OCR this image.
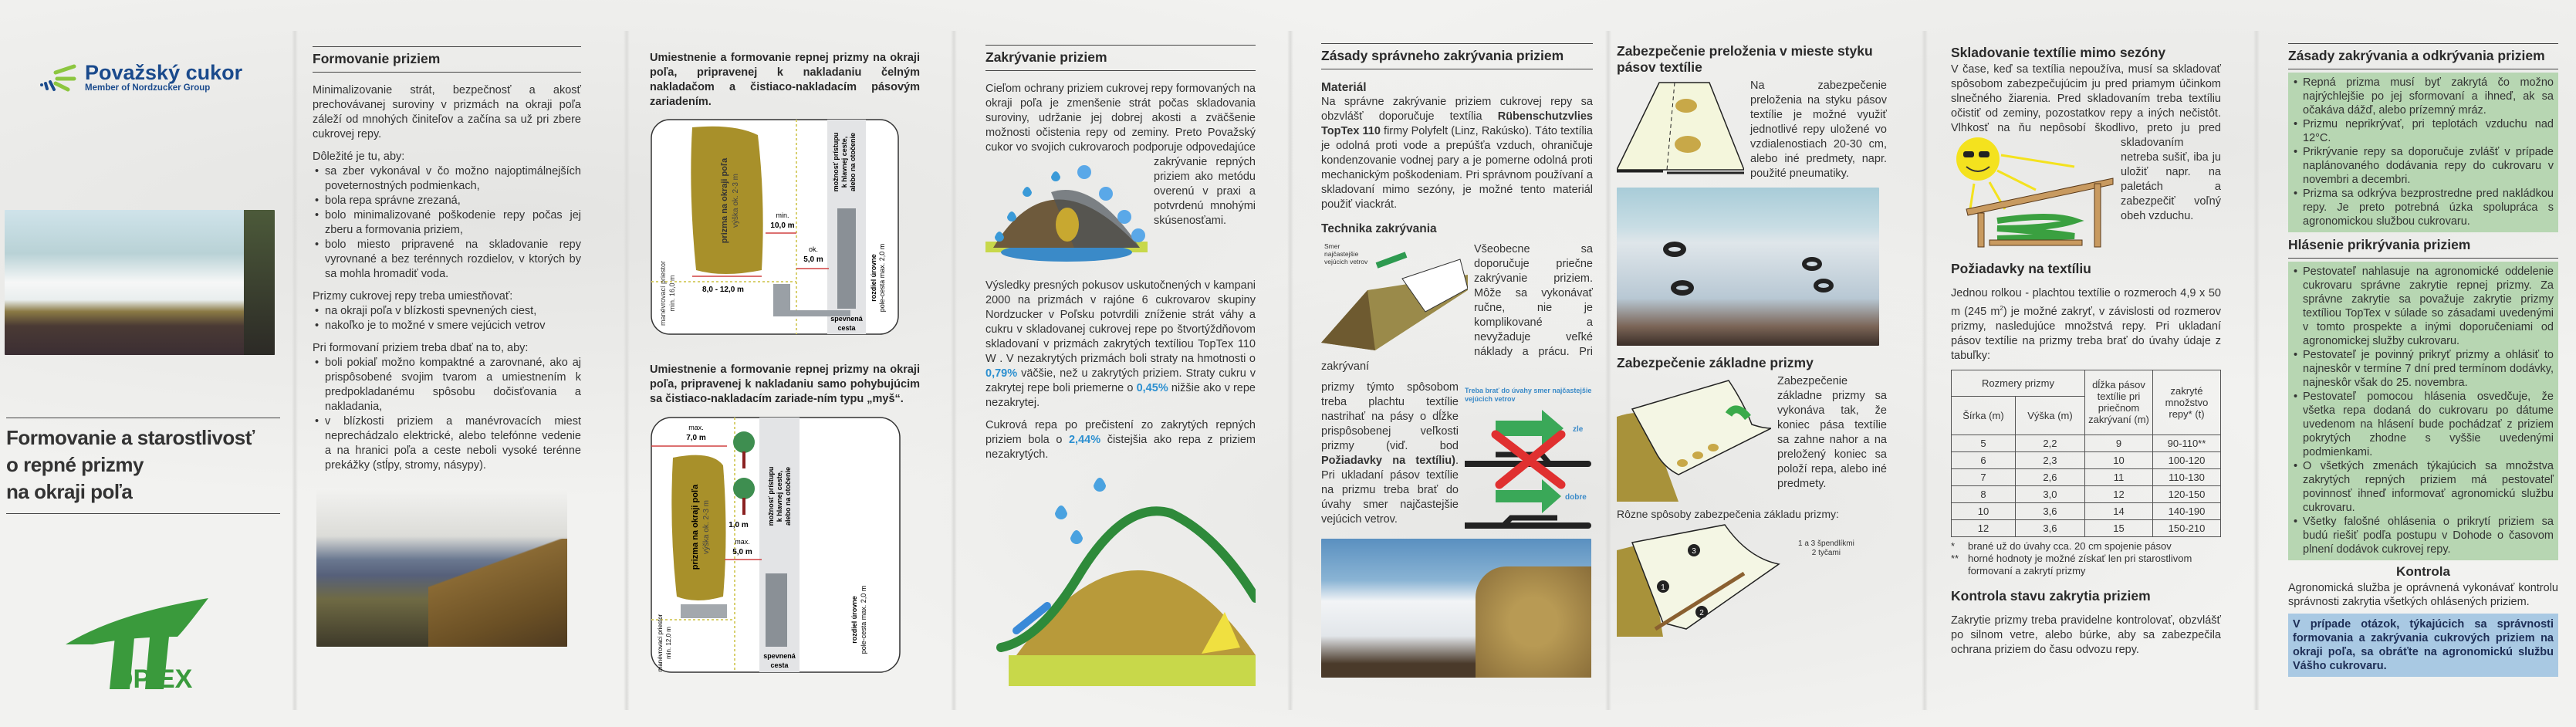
Považský cukor
Member of Nordzucker Group
Formovanie a starostlivosť
o repné prizmy
na okraji poľa
OP EX
Formovanie priziem

Minimalizovanie strát, bezpečnosť a akosť prechovávanej suroviny v prizmách na okraji poľa záleží od mnohých činiteľov a začína sa už pri zbere cukrovej repy.

Dôležité je tu, aby:
• sa zber vykonával v čo možno najoptimálnejších poveternostných podmienkach,
• bola repa správne zrezaná,
• bolo minimalizované poškodenie repy počas jej zberu a formovania priziem,
• bolo miesto pripravené na skladovanie repy vyrovnané a bez terénnych rozdielov, v ktorých by sa mohla hromadiť voda.
Prizmy cukrovej repy treba umiestňovať:
• na okraji poľa v blízkosti spevnených ciest,
• nakoľko je to možné v smere vejúcich vetrov
Pri formovaní priziem treba dbať na to, aby:
• boli pokiaľ možno kompaktné a zarovnané, ako aj prispôsobené svojim tvarom a umiestnením k predpokladanému spôsobu dočisťovania a nakladania,
• v blízkosti priziem a manévrovacích miest neprechádzalo elektrické, alebo telefónne vedenie a na hranici poľa a ceste neboli vysoké terénne prekážky (stĺpy, stromy, násypy).
Umiestnenie a formovanie repnej prizmy na okraji poľa, pripravenej k nakladaniu čelným nakladačom a čistiaco-nakladacím pásovým zariadením.
prizma na okraji poľa výška ok. 2-3 m	min.
10,0 m
ok.
5,0 m
8,0 - 12,0 m
manévrovací priestor min. 16,0 m
možnosť prístupu k hlavnej ceste, alebo na otočenie
rozdiel úrovne pole-cesta max. 2,0 m
spevnená
cesta
Umiestnenie a formovanie repnej prizmy na okraji poľa, pripravenej k nakladaniu samo pohybujúcim sa čistiaco-nakladacím zariade-ním typu „myš“.
prizma na okraji poľa výška ok. 2-3 m
max.
7,0 m
1,0 m
max.
5,0 m
manévrovací priestor min. 12,0 m
možnosť prístupu k hlavnej ceste, alebo na otočenie
rozdiel úrovne pole-cesta max. 2,0 m
spevnená
cesta
Zakrývanie priziem
Cieľom ochrany priziem cukrovej repy formovaných na okraji poľa je zmenšenie strát počas skladovania suroviny, udržanie jej dobrej akosti a zväčšenie možnosti očistenia repy od zeminy. Preto Považský cukor vo svojich cukrovaroch podporuje odpovedajúce zakrývanie repných priziem ako metódu overenú v praxi a potvrdenú mnohými skúsenosťami.

Výsledky presných pokusov uskutočnených v kampani 2000 na prizmách v rajóne 6 cukrovarov skupiny Nordzucker v Poľsku potvrdili zníženie strát váhy a cukru v skladovanej cukrovej repe po štvortýždňovom skladovaní v prizmách zakrytých textíliou TopTex 110 W . V nezakrytých prizmách boli straty na hmotnosti o 0,79% väčšie, než u zakrytých priziem. Straty cukru v zakrytej repe boli priemerne o 0,45% nižšie ako v repe nezakrytej.

Cukrová repa po prečistení zo zakrytých repných priziem bola o 2,44% čistejšia ako repa z priziem nezakrytých.

Zásady správneho zakrývania priziem
Materiál

Na správne zakrývanie priziem cukrovej repy sa obzvlášť doporučuje textília Rübenschutzvlies TopTex 110 firmy Polyfelt (Linz, Rakúsko). Táto textília je odolná proti vode a prepúšťa vzduch, ohraničuje kondenzovanie vodnej pary a je pomerne odolná proti mechanickým poškodeniam. Pri správnom používaní a skladovaní mimo sezóny, je možné tento materiál použiť viackrát.

Technika zakrývania
Smer najčastejšie vejúcich vetrov
Všeobecne sa doporučuje priečne zakrývanie priziem. Môže sa vykonávať ručne, nie je komplikované a nevyžaduje veľké náklady a prácu. Pri zakrývaní
prizmy týmto spôsobom treba plachtu textílie nastrihať na pásy o dĺžke prispôsobenej veľkosti prizmy (viď. bod Požiadavky na textíliu). Pri ukladaní pásov textílie na prizmu treba brať do úvahy smer najčastejšie vejúcich vetrov.
Treba brať do úvahy smer najčastejšie vejúcich vetrov
zle
dobre
Zabezpečenie preloženia v mieste styku pásov textílie
Na zabezpečenie preloženia na styku pásov textílie je možné využiť jednotlivé repy uložené vo vzdialenostiach 20-30 cm, alebo iné predmety, napr. použité pneumatiky.
Zabezpečenie základne prizmy
Zabezpečenie základne prizmy sa vykonáva tak, že koniec pása textílie sa zahne nahor a na preložený koniec sa položí repa, alebo iné predmety.
Rôzne spôsoby zabezpečenia základu prizmy:
1
2
3
1 a 3 špendlíkmi
2 tyčami
Skladovanie textílie mimo sezóny
V čase, keď sa textília nepoužíva, musí sa skladovať spôsobom zabezpečujúcim ju pred priamym účinkom slnečného žiarenia. Pred skladovaním treba textíliu očistiť od zeminy, pozostatkov repy a iných nečistôt. Vlhkosť na ňu nepôsobí škodlivo, preto ju pred skladovaním netreba sušiť, iba ju uložiť napr. na paletách a zabezpečiť voľný obeh vzduchu.
Požiadavky na textíliu

Jednou rolkou - plachtou textílie o rozmeroch 4,9 x 50 m (245 $m^2$) je možné zakryť, v závislosti od rozmerov prizmy, nasledujúce množstvá repy. Pri ukladaní pásov textílie na prizmy treba brať do úvahy údaje z tabuľky:

Rozmery prizmy		dĺžka pásov textílie pri priečnom zakrývaní (m)	zakryté množstvo repy* (t)
Šírka (m)	Výška (m)		
5	2,2	9	90-110**
6	2,3	10	100-120
7	2,6	11	110-130
8	3,0	12	120-150
10	3,6	14	140-190
12	3,6	15	150-210
*	brané už do úvahy cca. 20 cm spojenie pásov
** horné hodnoty je možné získať len pri starostlivom formovaní a zakrytí prizmy
Kontrola stavu zakrytia priziem

Zakrytie prizmy treba pravidelne kontrolovať, obzvlášť po silnom vetre, alebo búrke, aby sa zabezpečila ochrana priziem do času odvozu repy.

Zásady zakrývania a odkrývania priziem
• Repná prizma musí byť zakrytá čo možno najrýchlejšie po jej sformovaní a ihneď, ak sa očakáva dážď, alebo prízemný mráz.
• Prizmu neprikrývať, pri teplotách vzduchu nad 12°C.
• Prikrývanie repy sa doporučuje zvlášť v prípade naplánovaného dodávania repy do cukrovaru v novembri a decembri.
• Prizma sa odkrýva bezprostredne pred nakládkou repy. Je preto potrebná úzka spolupráca s agronomickou službou cukrovaru.
Hlásenie prikrývania priziem
• Pestovateľ nahlasuje na agronomické oddelenie cukrovaru správne zakrytie repnej prizmy. Za správne zakrytie sa považuje zakrytie prizmy textíliou TopTex v súlade so zásadami uvedenými v tomto prospekte a inými doporučeniami od agronomickej služby cukrovaru.
• Pestovateľ je povinný prikryť prizmy a ohlásiť to najneskôr v termíne 7 dní pred termínom dodávky, najneskôr však do 25. novembra.
• Pestovateľ pomocou hlásenia osvedčuje, že všetka repa dodaná do cukrovaru po dátume uvedenom na hlásení bude pochádzať z priziem pokrytých zhodne s vyššie uvedenými podmienkami.
• O všetkých zmenách týkajúcich sa množstva zakrytých repných priziem má pestovateľ povinnosť ihneď informovať agronomickú službu cukrovaru.
• Všetky falošné ohlásenia o prikrytí priziem sa budú riešiť podľa postupu v Dohode o časovom plnení dodávok cukrovej repy.
Kontrola

Agronomická služba je oprávnená vykonávať kontrolu správnosti zakrytia všetkých ohlásených priziem.

V prípade otázok, týkajúcich sa správnosti formovania a zakrývania cukrových priziem na okraji poľa, sa obráťte na agronomickú službu Vášho cukrovaru.
